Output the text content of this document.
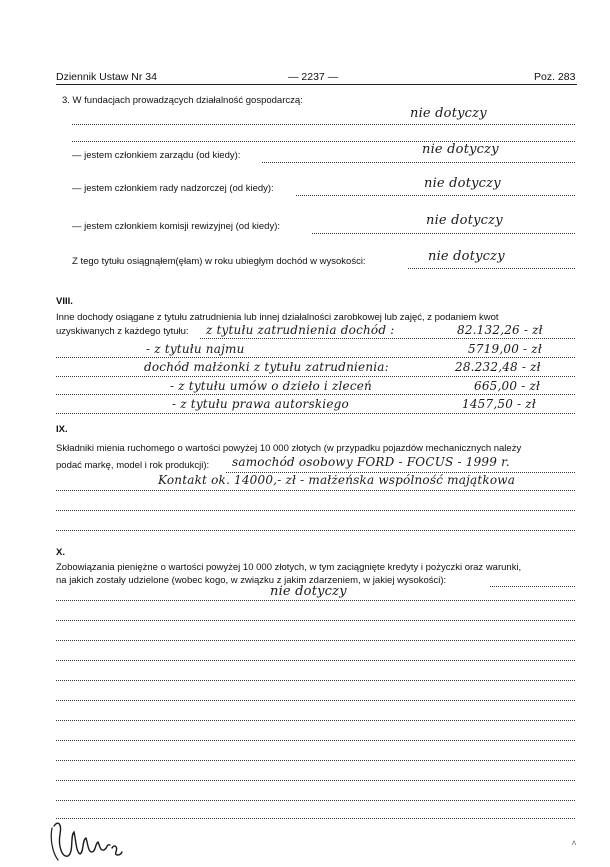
Dziennik Ustaw Nr 34	— 2237 —	Poz. 283
3. W fundacjach prowadzących działalność gospodarczą:
nie dotyczy
— jestem członkiem zarządu (od kiedy):	nie dotyczy
— jestem członkiem rady nadzorczej (od kiedy):	nie dotyczy
— jestem członkiem komisji rewizyjnej (od kiedy):	nie dotyczy
Z tego tytułu osiągnąłem(ęłam) w roku ubiegłym dochód w wysokości:	nie dotyczy
VIII.
Inne dochody osiągane z tytułu zatrudnienia lub innej działalności zarobkowej lub zajęć, z podaniem kwot
uzyskiwanych z każdego tytułu: z tytułu zatrudnienia dochód :	82.132,26 - zł
- z tytułu najmu	5719,00 - zł
dochód małżonki z tytułu zatrudnienia:	28.232,48 - zł
- z tytułu umów o dzieło i zleceń	665,00 - zł
- z tytułu prawa autorskiego	1457,50 - zł
IX.
Składniki mienia ruchomego o wartości powyżej 10 000 złotych (w przypadku pojazdów mechanicznych należy
podać markę, model i rok produkcji): samochód osobowy FORD - FOCUS - 1999 r.
Kontakt ok. 14000,- zł - małżeńska wspólność majątkowa
X.
Zobowiązania pieniężne o wartości powyżej 10 000 złotych, w tym zaciągnięte kredyty i pożyczki oraz warunki,
na jakich zostały udzielone (wobec kogo, w związku z jakim zdarzeniem, w jakiej wysokości):
nie dotyczy
ʌ
